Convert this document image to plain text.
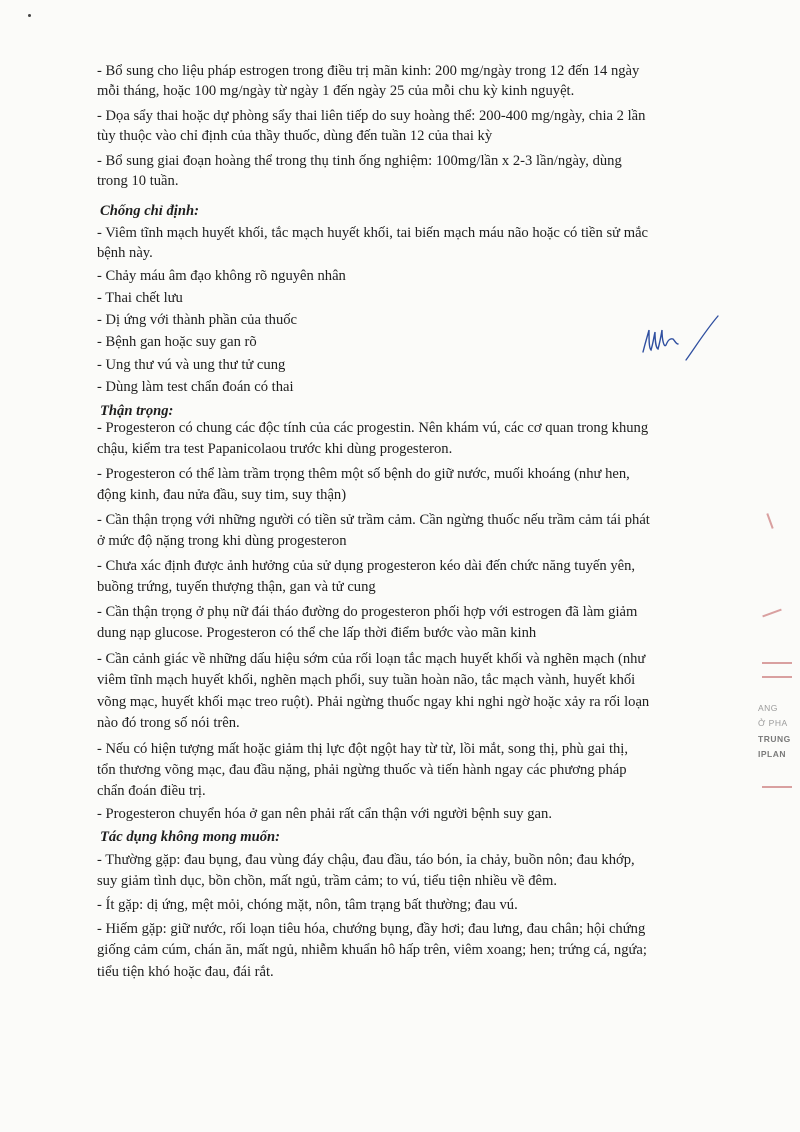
- Bổ sung cho liệu pháp estrogen trong điều trị mãn kinh: 200 mg/ngày trong 12 đến 14 ngày
mỗi tháng, hoặc 100 mg/ngày từ ngày 1 đến ngày 25 của mỗi chu kỳ kinh nguyệt.
- Dọa sẩy thai hoặc dự phòng sẩy thai liên tiếp do suy hoàng thể: 200-400 mg/ngày, chia 2 lần
tùy thuộc vào chỉ định của thầy thuốc, dùng đến tuần 12 của thai kỳ
- Bổ sung giai đoạn hoàng thể trong thụ tinh ống nghiệm: 100mg/lần x 2-3 lần/ngày, dùng
trong 10 tuần.
Chống chỉ định:
- Viêm tĩnh mạch huyết khối, tắc mạch huyết khối, tai biến mạch máu não hoặc có tiền sử mắc
bệnh này.
- Chảy máu âm đạo không rõ nguyên nhân
- Thai chết lưu
- Dị ứng với thành phần của thuốc
- Bệnh gan hoặc suy gan rõ
- Ung thư vú và ung thư tử cung
- Dùng làm test chẩn đoán có thai
Thận trọng:
- Progesteron có chung các độc tính của các progestin. Nên khám vú, các cơ quan trong khung
chậu, kiểm tra test Papanicolaou trước khi dùng progesteron.
- Progesteron có thể làm trầm trọng thêm một số bệnh do giữ nước, muối khoáng (như hen,
động kinh, đau nửa đầu, suy tim, suy thận)
- Cần thận trọng với những người có tiền sử trầm cảm. Cần ngừng thuốc nếu trầm cảm tái phát
ở mức độ nặng trong khi dùng progesteron
- Chưa xác định được ảnh hưởng của sử dụng progesteron kéo dài đến chức năng tuyến yên,
buồng trứng, tuyến thượng thận, gan và tử cung
- Cần thận trọng ở phụ nữ đái tháo đường do progesteron phối hợp với estrogen đã làm giảm
dung nạp glucose. Progesteron có thể che lấp thời điểm bước vào mãn kinh
- Cần cảnh giác về những dấu hiệu sớm của rối loạn tắc mạch huyết khối và nghẽn mạch (như
viêm tĩnh mạch huyết khối, nghẽn mạch phổi, suy tuần hoàn não, tắc mạch vành, huyết khối
võng mạc, huyết khối mạc treo ruột). Phải ngừng thuốc ngay khi nghi ngờ hoặc xảy ra rối loạn
nào đó trong số nói trên.
- Nếu có hiện tượng mất hoặc giảm thị lực đột ngột hay từ từ, lồi mắt, song thị, phù gai thị,
tổn thương võng mạc, đau đầu nặng, phải ngừng thuốc và tiến hành ngay các phương pháp
chẩn đoán điều trị.
- Progesteron chuyển hóa ở gan nên phải rất cẩn thận với người bệnh suy gan.
Tác dụng không mong muốn:
- Thường gặp: đau bụng, đau vùng đáy chậu, đau đầu, táo bón, ỉa chảy, buồn nôn; đau khớp,
suy giảm tình dục, bồn chồn, mất ngủ, trầm cảm; to vú, tiểu tiện nhiều về đêm.
- Ít gặp: dị ứng, mệt mỏi, chóng mặt, nôn, tâm trạng bất thường; đau vú.
- Hiếm gặp: giữ nước, rối loạn tiêu hóa, chướng bụng, đầy hơi; đau lưng, đau chân; hội chứng
giống cảm cúm, chán ăn, mất ngủ, nhiễm khuẩn hô hấp trên, viêm xoang; hen; trứng cá, ngứa;
tiểu tiện khó hoặc đau, đái rắt.
ANG
Ở PHA
TRUNG
IPLAN
